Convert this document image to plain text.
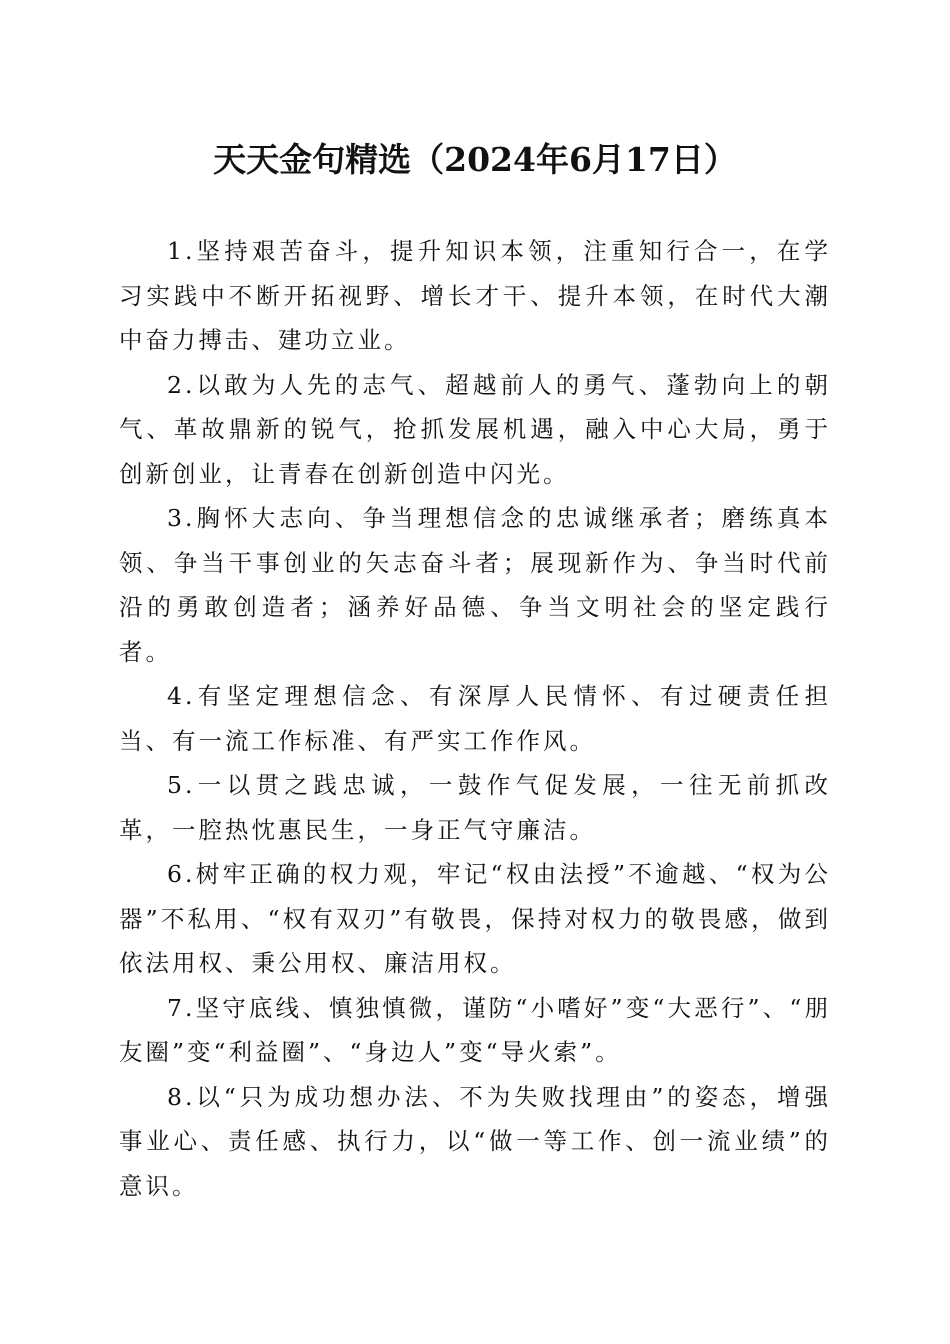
天天金句精选（2024年6月17日）

1.坚持艰苦奋斗，提升知识本领，注重知行合一，在学习实践中不断开拓视野、增长才干、提升本领，在时代大潮中奋力搏击、建功立业。

2.以敢为人先的志气、超越前人的勇气、蓬勃向上的朝气、革故鼎新的锐气，抢抓发展机遇，融入中心大局，勇于创新创业，让青春在创新创造中闪光。

3.胸怀大志向、争当理想信念的忠诚继承者；磨练真本领、争当干事创业的矢志奋斗者；展现新作为、争当时代前沿的勇敢创造者；涵养好品德、争当文明社会的坚定践行者。

4.有坚定理想信念、有深厚人民情怀、有过硬责任担当、有一流工作标准、有严实工作作风。

5.一以贯之践忠诚，一鼓作气促发展，一往无前抓改革，一腔热忱惠民生，一身正气守廉洁。

6.树牢正确的权力观，牢记“权由法授”不逾越、“权为公器”不私用、“权有双刃”有敬畏，保持对权力的敬畏感，做到依法用权、秉公用权、廉洁用权。

7.坚守底线、慎独慎微，谨防“小嗜好”变“大恶行”、“朋友圈”变“利益圈”、“身边人”变“导火索”。

8.以“只为成功想办法、不为失败找理由”的姿态，增强事业心、责任感、执行力，以“做一等工作、创一流业绩”的意识。
